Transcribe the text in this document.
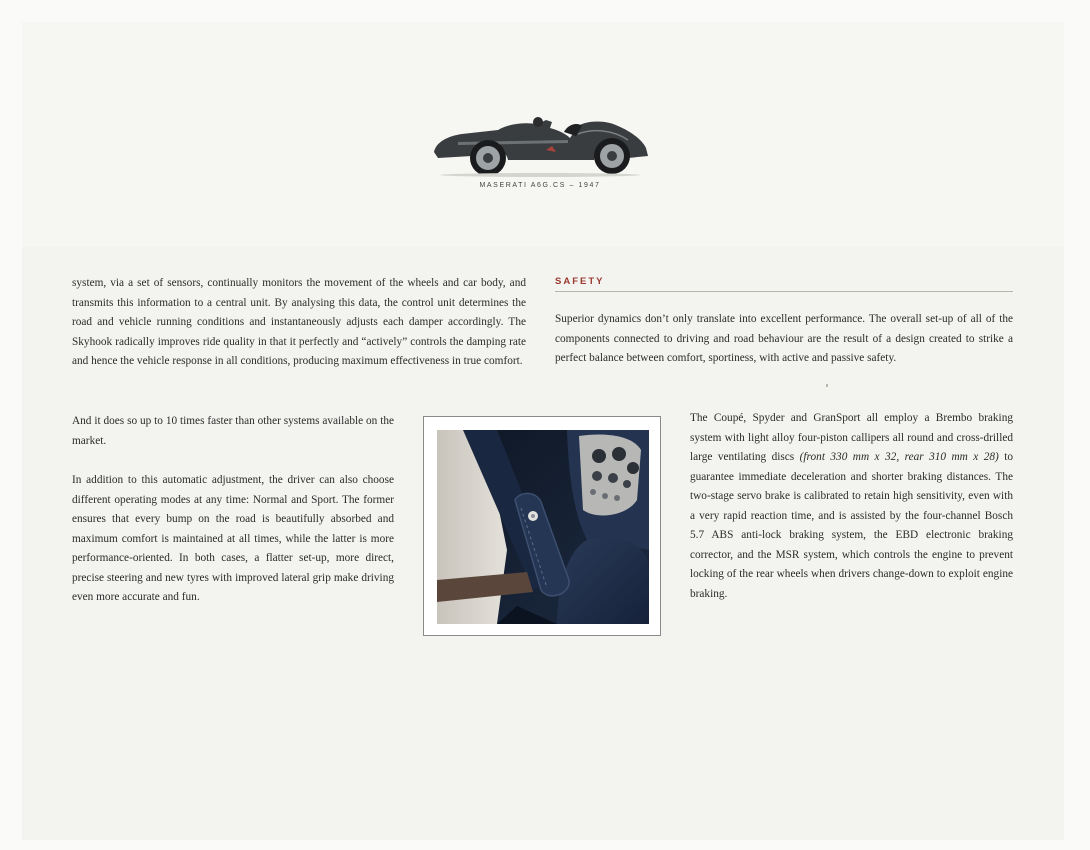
MASERATI A6G.CS – 1947

system, via a set of sensors, continually monitors the movement of the wheels and car body, and transmits this information to a central unit. By analysing this data, the control unit determines the road and vehicle running conditions and instantaneously adjusts each damper accordingly. The Skyhook radically improves ride quality in that it perfectly and “actively” controls the damping rate and hence the vehicle response in all conditions, producing maximum effectiveness in true comfort.

And it does so up to 10 times faster than other systems available on the market.

In addition to this automatic adjustment, the driver can also choose different operating modes at any time: Normal and Sport. The former ensures that every bump on the road is beautifully absorbed and maximum comfort is maintained at all times, while the latter is more performance-oriented. In both cases, a flatter set-up, more direct, precise steering and new tyres with improved lateral grip make driving even more accurate and fun.

SAFETY

Superior dynamics don’t only translate into excellent performance. The overall set-up of all of the components connected to driving and road behaviour are the result of a design created to strike a perfect balance between comfort, sportiness, with active and passive safety.

The Coupé, Spyder and GranSport all employ a Brembo braking system with light alloy four-piston callipers all round and cross-drilled large ventilating discs (front 330 mm x 32, rear 310 mm x 28) to guarantee immediate deceleration and shorter braking distances. The two-stage servo brake is calibrated to retain high sensitivity, even with a very rapid reaction time, and is assisted by the four-channel Bosch 5.7 ABS anti-lock braking system, the EBD electronic braking corrector, and the MSR system, which controls the engine to prevent locking of the rear wheels when drivers change-down to exploit engine braking.
